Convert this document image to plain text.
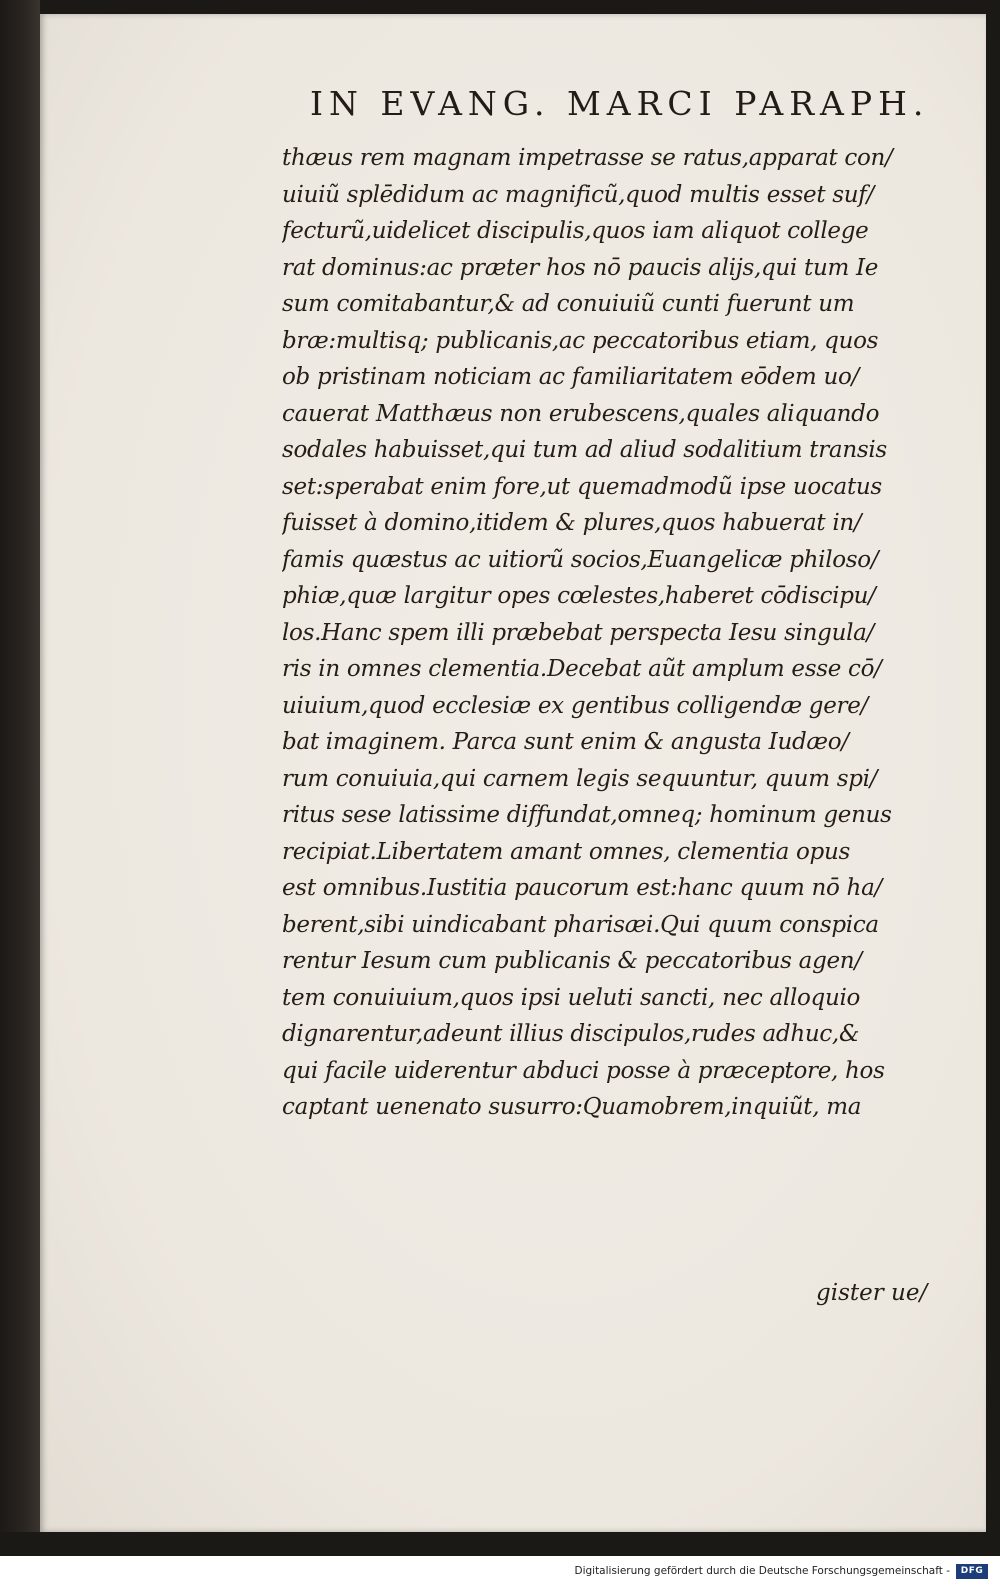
IN EVANG. MARCI PARAPH.
thæus rem magnam impetrasse se ratus,apparat con/
uiuiũ splēdidum ac magnificũ,quod multis esset suf/
fecturũ,uidelicet discipulis,quos iam aliquot college
rat dominus:ac præter hos nō paucis alijs,qui tum Ie
sum comitabantur,& ad conuiuiũ cunti fuerunt um
bræ:multisq; publicanis,ac peccatoribus etiam, quos
ob pristinam noticiam ac familiaritatem eōdem uo/
cauerat Matthæus non erubescens,quales aliquando
sodales habuisset,qui tum ad aliud sodalitium transis
set:sperabat enim fore,ut quemadmodũ ipse uocatus
fuisset à domino,itidem & plures,quos habuerat in/
famis quæstus ac uitiorũ socios,Euangelicæ philoso/
phiæ,quæ largitur opes cœlestes,haberet cōdiscipu/
los.Hanc spem illi præbebat perspecta Iesu singula/
ris in omnes clementia.Decebat aũt amplum esse cō/
uiuium,quod ecclesiæ ex gentibus colligendæ gere/
bat imaginem. Parca sunt enim & angusta Iudæo/
rum conuiuia,qui carnem legis sequuntur, quum spi/
ritus sese latissime diffundat,omneq; hominum genus
recipiat.Libertatem amant omnes, clementia opus
est omnibus.Iustitia paucorum est:hanc quum nō ha/
berent,sibi uindicabant pharisæi.Qui quum conspica
rentur Iesum cum publicanis & peccatoribus agen/
tem conuiuium,quos ipsi ueluti sancti, nec alloquio
dignarentur,adeunt illius discipulos,rudes adhuc,&
qui facile uiderentur abduci posse à præceptore, hos
captant uenenato susurro:Quamobrem,inquiũt, ma
gister ue/
Digitalisierung gefördert durch die Deutsche Forschungsgemeinschaft -	DFG
